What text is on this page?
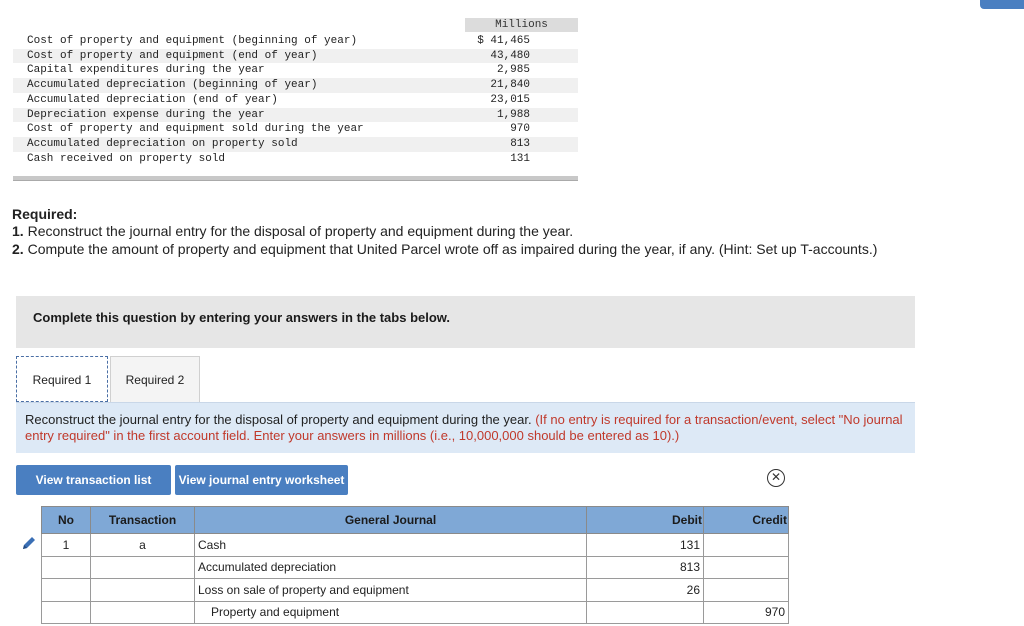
Millions
Cost of property and equipment (beginning of year)	$ 41,465
Cost of property and equipment (end of year)	43,480
Capital expenditures during the year	2,985
Accumulated depreciation (beginning of year)	21,840
Accumulated depreciation (end of year)	23,015
Depreciation expense during the year	1,988
Cost of property and equipment sold during the year	970
Accumulated depreciation on property sold	813
Cash received on property sold	131
Required:
1. Reconstruct the journal entry for the disposal of property and equipment during the year.
2. Compute the amount of property and equipment that United Parcel wrote off as impaired during the year, if any. (Hint: Set up T-accounts.)
Complete this question by entering your answers in the tabs below.
Required 1	Required 2
Reconstruct the journal entry for the disposal of property and equipment during the year. (If no entry is required for a transaction/event, select "No journal entry required" in the first account field. Enter your answers in millions (i.e., 10,000,000 should be entered as 10).)
View transaction list	View journal entry worksheet	✕
No	Transaction	General Journal	Debit	Credit
1	a	Cash	131	
		Accumulated depreciation	813	
		Loss on sale of property and equipment	26	
		Property and equipment		970
